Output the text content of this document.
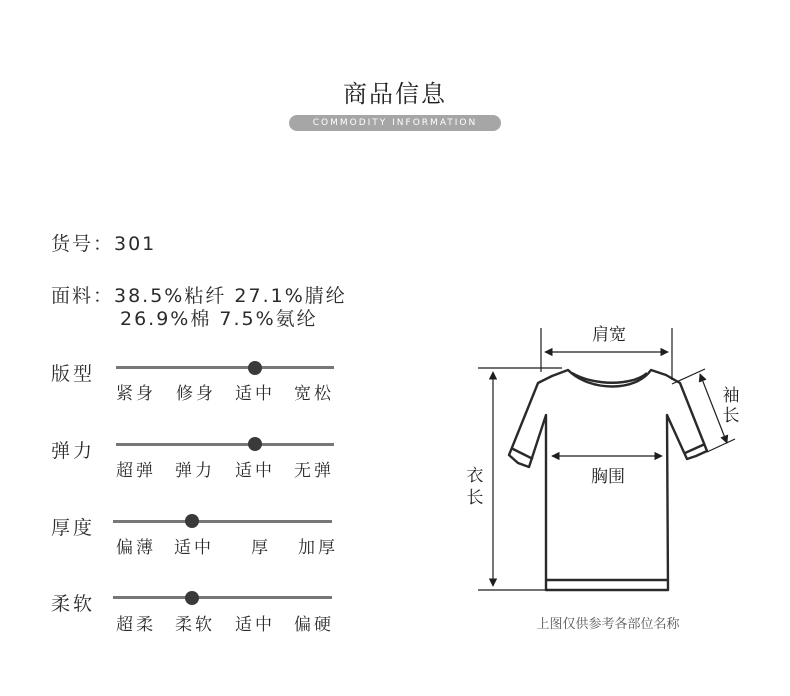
商品信息
COMMODITY INFORMATION
货号：301
面料：38.5%粘纤 27.1%腈纶
26.9%棉 7.5%氨纶
版型
紧身 修身 适中 宽松
弹力
超弹 弹力 适中 无弹
厚度
偏薄 适中 厚 加厚
柔软
超柔 柔软 适中 偏硬
肩宽
胸围
衣
长
袖
长
上图仅供参考各部位名称
